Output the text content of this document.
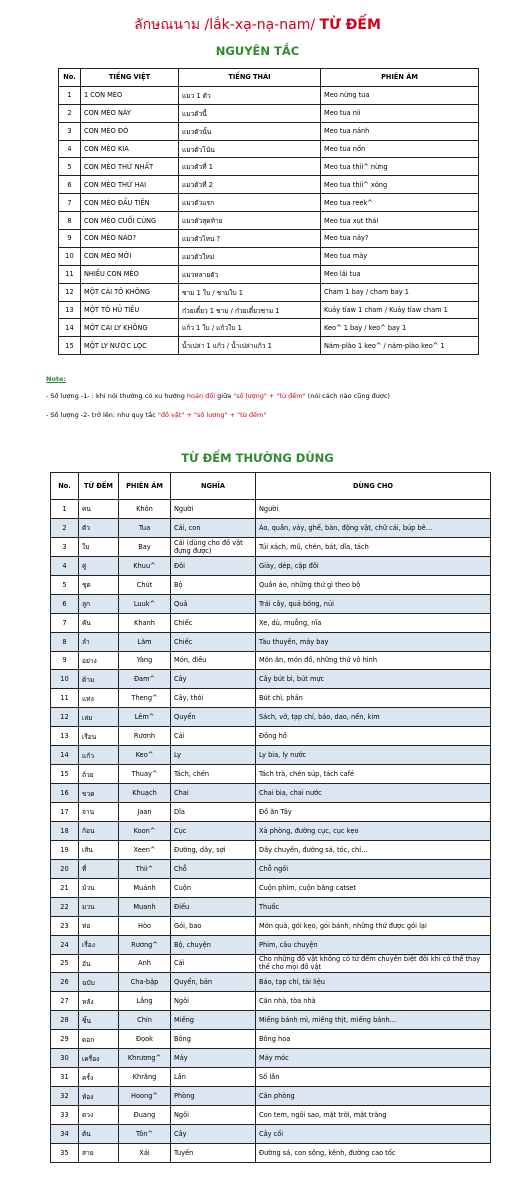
ลักษณนาม /lắk-xạ-nạ-nam/ TỪ ĐẾM
NGUYÊN TẮC
No.	TIẾNG VIỆT	TIẾNG THÁI	PHIÊN ÂM
1	1 CON MÈO	แมว 1 ตัว	Meo nừng tua
2	CON MÈO NÀY	แมวตัวนี้	Meo tua nii
3	CON MÈO ĐÓ	แมวตัวนั้น	Meo tua nánh
4	CON MÈO KIA	แมวตัวโน้น	Meo tua nốn
5	CON MÈO THỨ NHẤT	แมวตัวที่ 1	Meo tua thii^ nừng
6	CON MÈO THỨ HAI	แมวตัวที่ 2	Meo tua thii^ xỏng
7	CON MÈO ĐẦU TIÊN	แมวตัวแรก	Meo tua reek^
8	CON MÈO CUỐI CÙNG	แมวตัวสุดท้าย	Meo tua xụt thái
9	CON MÈO NÀO?	แมวตัวไหน ?	Meo tua nảy?
10	CON MÈO MỚI	แมวตัวใหม่	Meo tua mày
11	NHIỀU CON MÈO	แมวหลายตัว	Meo lải tua
12	MỘT CÁI TÔ KHÔNG	ชาม 1 ใบ / ชามใบ 1	Cham 1 bay / cham bay 1
13	MỘT TÔ HỦ TIẾU	ก๋วยเตี๋ยว 1 ชาม / ก๋วยเตี๋ยวชาม 1	Kuảy tỉaw 1 cham / Kuảy tỉaw cham 1
14	MỘT CÁI LY KHÔNG	แก้ว 1 ใบ / แก้วใบ 1	Keo^ 1 bay / keo^ bay 1
15	MỘT LY NƯỚC LỌC	น้ำเปล่า 1 แก้ว / น้ำเปล่าแก้ว 1	Nám-plào 1 keo^ / nám-plào keo^ 1
Note:
- Số lượng -1- : khi nói thường có xu hướng hoán đổi giữa "số lượng" + "từ đếm" (nói cách nào cũng được)
- Số lượng -2- trở lên: như quy tắc "đồ vật" + "số lượng" + "từ đếm"
TỪ ĐẾM THƯỜNG DÙNG
No.	TỪ ĐẾM	PHIÊN ÂM	NGHĨA	DÙNG CHO
1	คน	Khôn	Người	Người
2	ตัว	Tua	Cái, con	Áo, quần, váy, ghế, bàn, động vật, chữ cái, búp bê…
3	ใบ	Bay	Cái (dùng cho đồ vật đựng được)	Túi xách, mũ, chén, bát, dĩa, tách
4	คู่	Khuu^	Đôi	Giày, dép, cặp đôi
5	ชุด	Chút	Bộ	Quần áo, những thứ gì theo bộ
6	ลูก	Luuk^	Quả	Trái cây, quả bóng, núi
7	คัน	Khanh	Chiếc	Xe, dù, muỗng, nĩa
8	ลำ	Lăm	Chiếc	Tàu thuyền, máy bay
9	อย่าง	Yàng	Món, điều	Món ăn, món đồ, những thứ vô hình
10	ด้าม	Đam^	Cây	Cây bút bi, bút mực
11	แท่ง	Theng^	Cây, thỏi	Bút chì, phấn
12	เล่ม	Lêm^	Quyển	Sách, vở, tạp chí, báo, dao, nến, kim
13	เรือน	Rươnh	Cái	Đồng hồ
14	แก้ว	Keo^	Ly	Ly bia, ly nước
15	ถ้วย	Thuay^	Tách, chén	Tách trà, chén súp, tách café
16	ขวด	Khuạch	Chai	Chai bia, chai nước
17	จาน	Jaan	Dĩa	Đồ ăn Tây
18	ก้อน	Koon^	Cục	Xà phòng, đường cục, cục kẹo
19	เส้น	Xeen^	Đường, dây, sợi	Dây chuyền, đường sá, tóc, chỉ…
20	ที่	Thii^	Chỗ	Chỗ ngồi
21	ม้วน	Muánh	Cuộn	Cuộn phim, cuộn băng catset
22	มวน	Muanh	Điếu	Thuốc
23	ห่อ	Hòo	Gói, bao	Món quà, gói kẹo, gói bánh, những thứ được gói lại
24	เรื่อง	Rương^	Bộ, chuyện	Phim, câu chuyện
25	อัน	Anh	Cái	Cho những đồ vật không có từ đếm chuyên biệt đôi khi có thể thay thế cho mọi đồ vật
26	ฉบับ	Cha-bặp	Quyển, bản	Báo, tạp chí, tài liệu
27	หลัง	Lẳng	Ngôi	Căn nhà, tòa nhà
28	ชิ้น	Chín	Miếng	Miếng bánh mì, miếng thịt, miếng bánh…
29	ดอก	Đọok	Bông	Bông hoa
30	เครื่อง	Khrương^	Máy	Máy móc
31	ครั้ง	Khrắng	Lần	Số lần
32	ห้อง	Hoong^	Phòng	Căn phòng
33	ดวง	Đuang	Ngôi	Con tem, ngôi sao, mặt trời, mặt trăng
34	ต้น	Tôn^	Cây	Cây cối
35	สาย	Xải	Tuyến	Đường sá, con sông, kênh, đường cao tốc
